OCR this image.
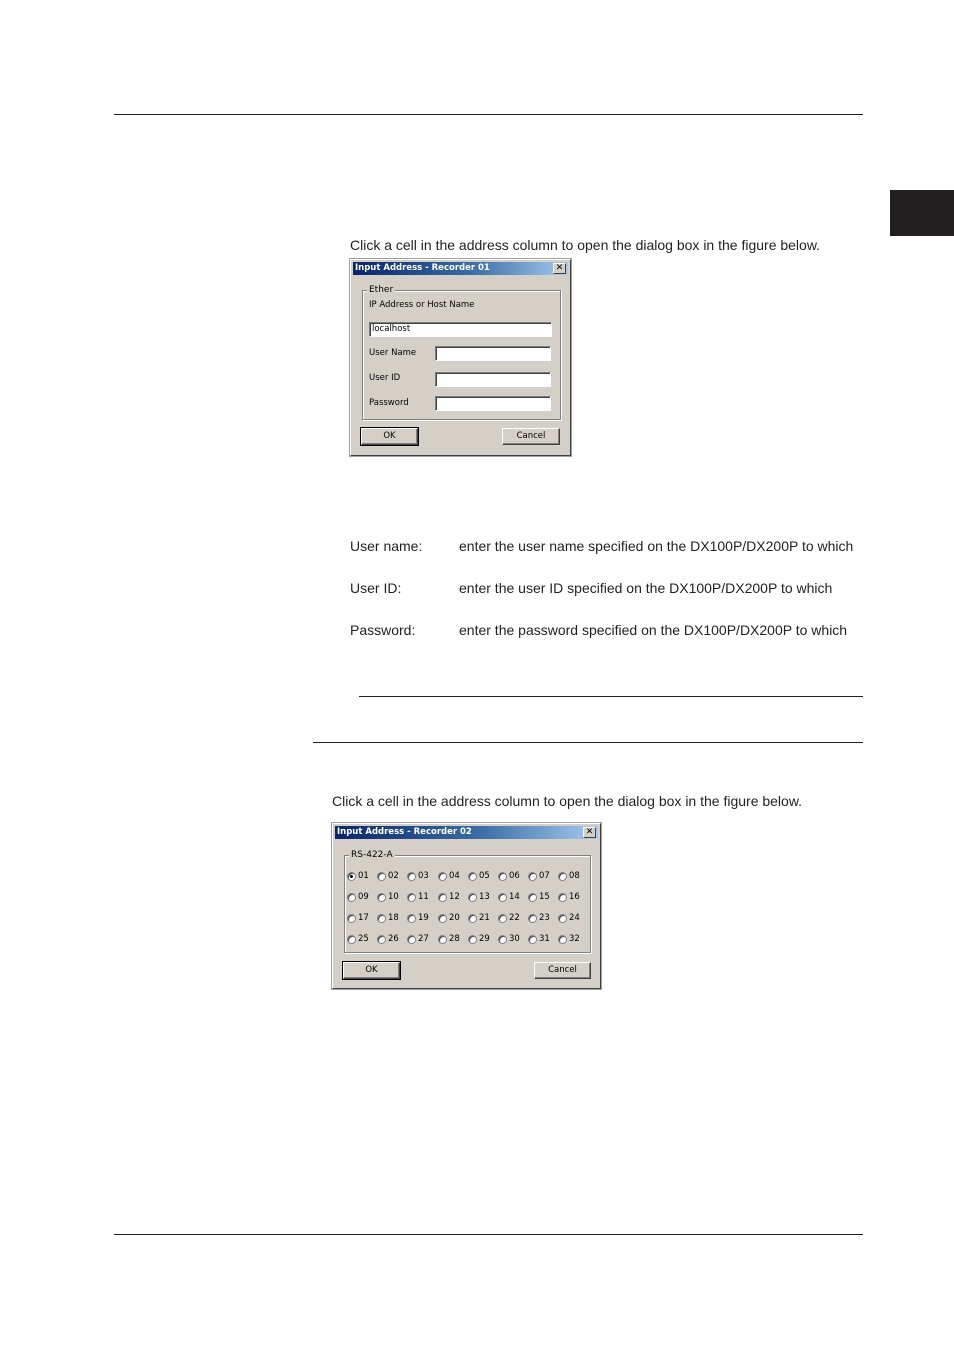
Click a cell in the address column to open the dialog box in the figure below.
Input Address - Recorder 01	✕
Ether
IP Address or Host Name
localhost
User Name
User ID
Password
OK	Cancel
User name:	enter the user name specified on the DX100P/DX200P to which
User ID:	enter the user ID specified on the DX100P/DX200P to which
Password:	enter the password specified on the DX100P/DX200P to which
Click a cell in the address column to open the dialog box in the figure below.
Input Address - Recorder 02	✕
RS-422-A
01 02 03 04 05 06 07 08
09 10 11 12 13 14 15 16
17 18 19 20 21 22 23 24
25 26 27 28 29 30 31 32
OK	Cancel
